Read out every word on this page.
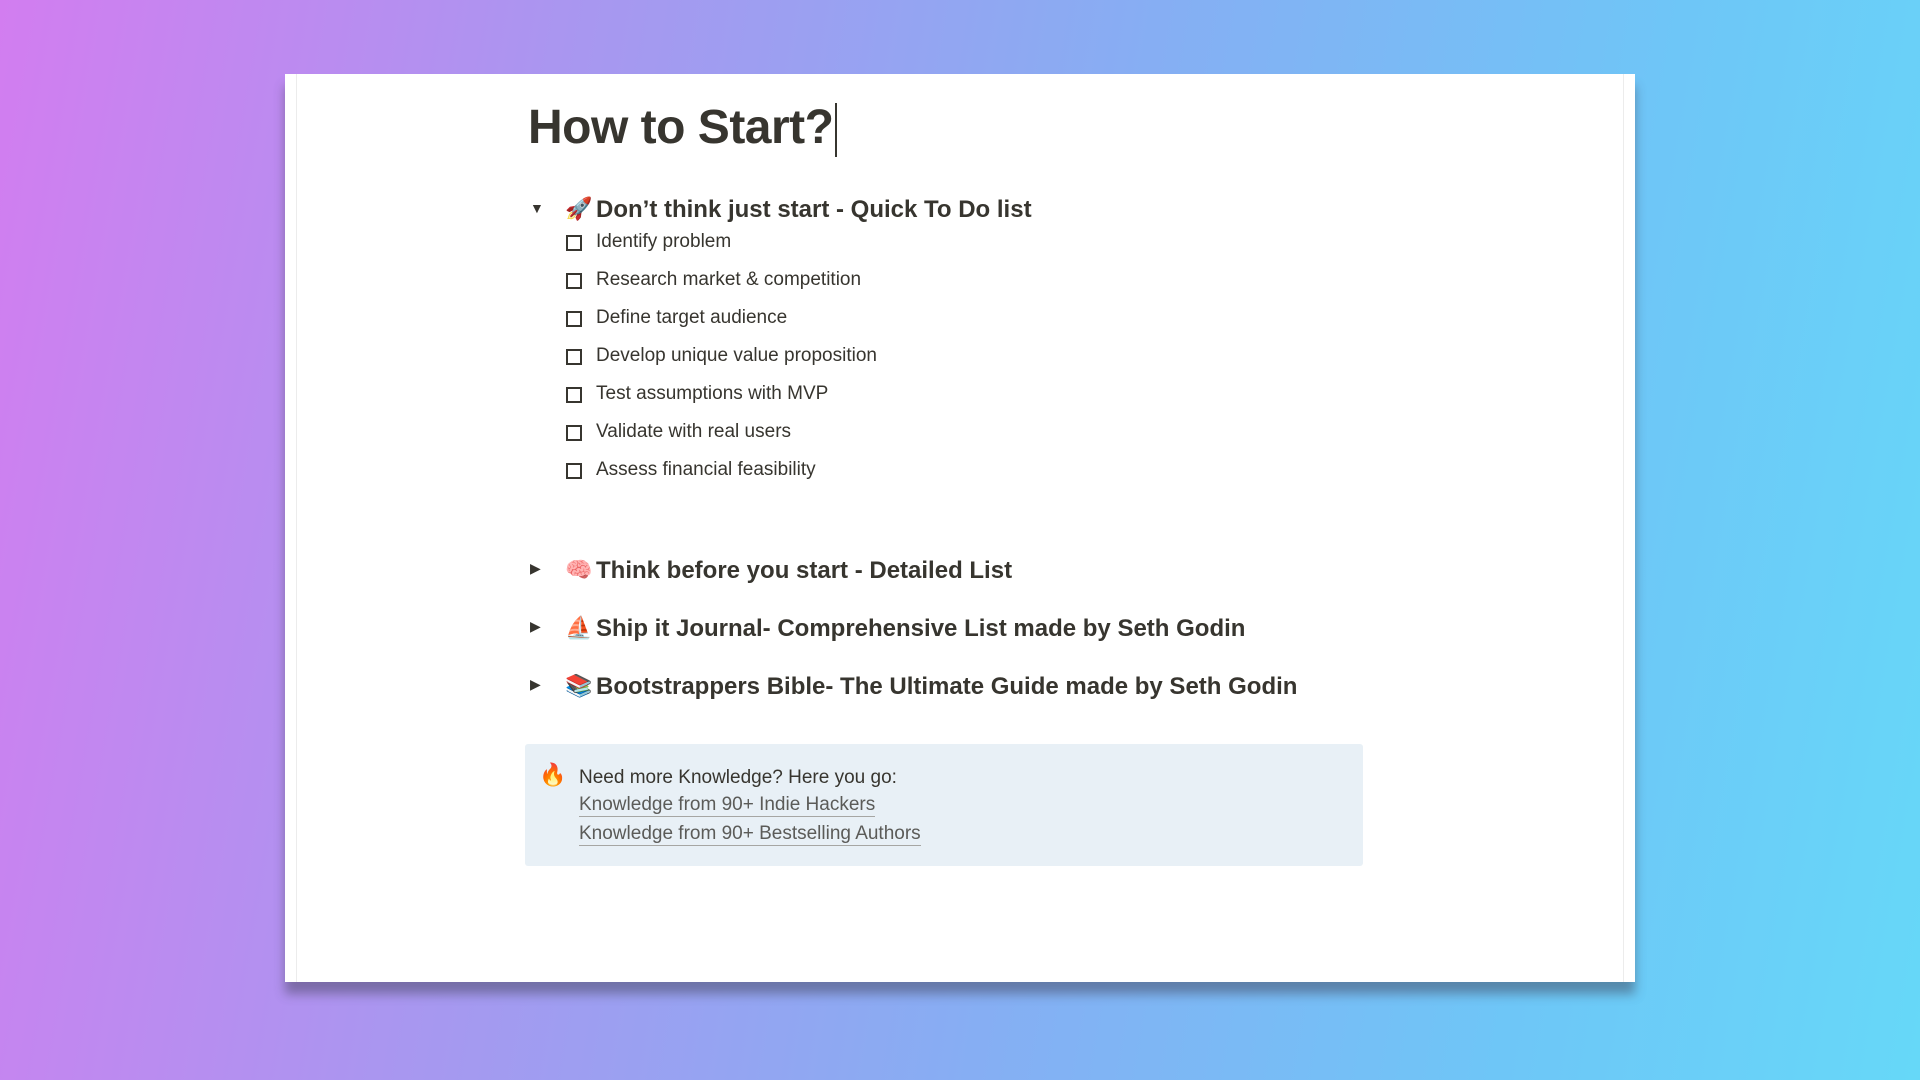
How to Start?
▼ 🚀 Don’t think just start - Quick To Do list
Identify problem
Research market & competition
Define target audience
Develop unique value proposition
Test assumptions with MVP
Validate with real users
Assess financial feasibility
▶ 🧠 Think before you start - Detailed List
▶ ⛵ Ship it Journal- Comprehensive List made by Seth Godin
▶ 📚 Bootstrappers Bible- The Ultimate Guide made by Seth Godin
🔥 Need more Knowledge? Here you go:
Knowledge from 90+ Indie Hackers
Knowledge from 90+ Bestselling Authors
